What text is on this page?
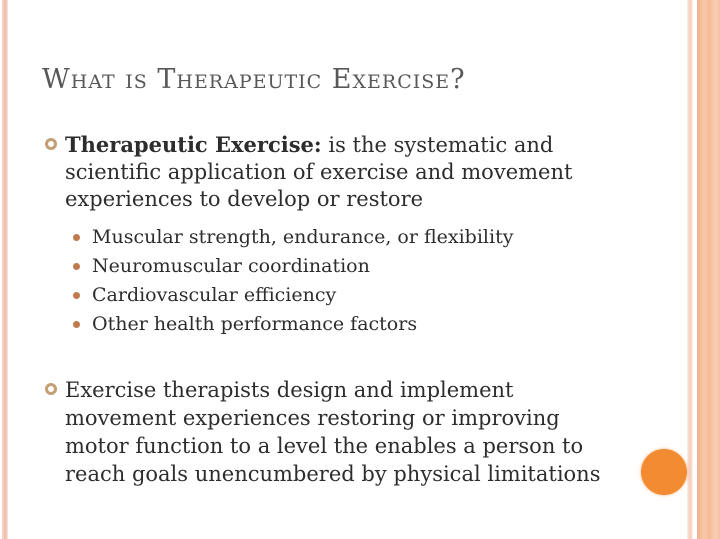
What is Therapeutic Exercise?
Therapeutic Exercise: is the systematic and
scientific application of exercise and movement
experiences to develop or restore
Muscular strength, endurance, or flexibility
Neuromuscular coordination
Cardiovascular efficiency
Other health performance factors
Exercise therapists design and implement
movement experiences restoring or improving
motor function to a level the enables a person to
reach goals unencumbered by physical limitations
